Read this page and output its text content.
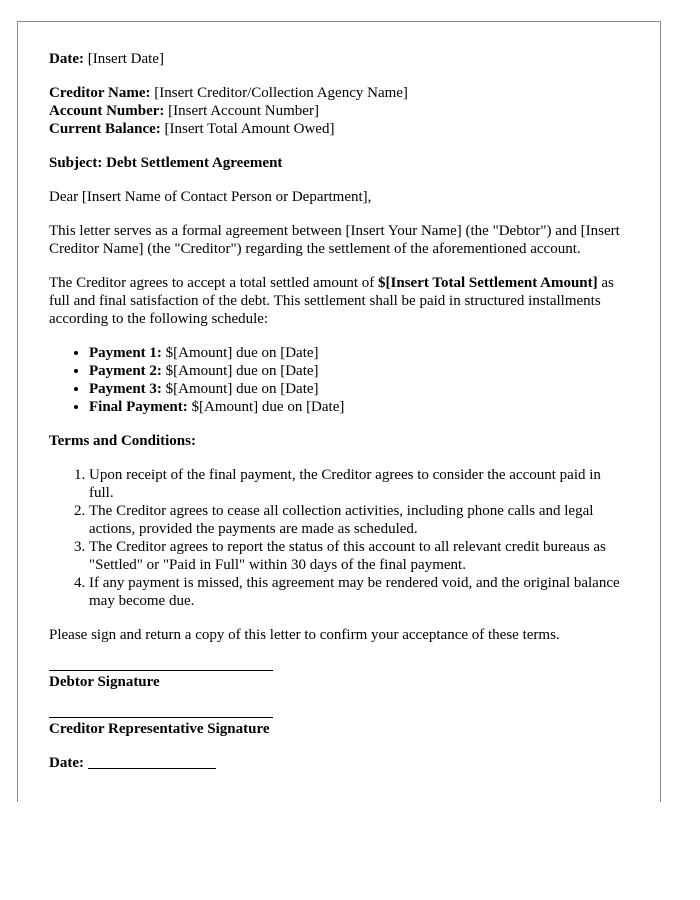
Date: [Insert Date]

Creditor Name: [Insert Creditor/Collection Agency Name]

Account Number: [Insert Account Number]

Current Balance: [Insert Total Amount Owed]

Subject: Debt Settlement Agreement

Dear [Insert Name of Contact Person or Department],

This letter serves as a formal agreement between [Insert Your Name] (the "Debtor") and [Insert Creditor Name] (the "Creditor") regarding the settlement of the aforementioned account.

The Creditor agrees to accept a total settled amount of $[Insert Total Settlement Amount] as full and final satisfaction of the debt. This settlement shall be paid in structured installments according to the following schedule:

• Payment 1: $[Amount] due on [Date]
• Payment 2: $[Amount] due on [Date]
• Payment 3: $[Amount] due on [Date]
• Final Payment: $[Amount] due on [Date]

Terms and Conditions:

1. Upon receipt of the final payment, the Creditor agrees to consider the account paid in full.
2. The Creditor agrees to cease all collection activities, including phone calls and legal actions, provided the payments are made as scheduled.
3. The Creditor agrees to report the status of this account to all relevant credit bureaus as "Settled" or "Paid in Full" within 30 days of the final payment.
4. If any payment is missed, this agreement may be rendered void, and the original balance may become due.

Please sign and return a copy of this letter to confirm your acceptance of these terms.

Debtor Signature

Creditor Representative Signature

Date:
